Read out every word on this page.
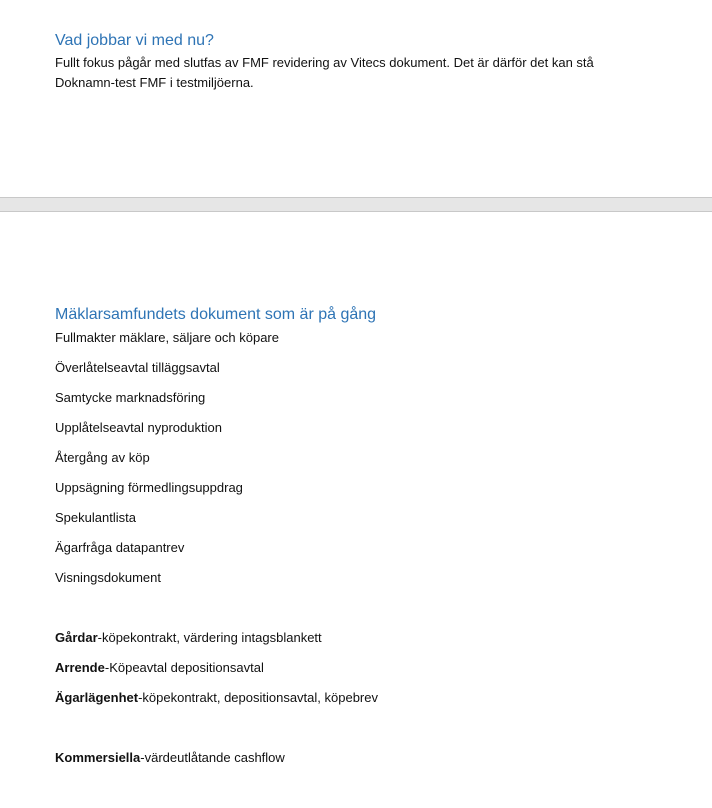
Vad jobbar vi med nu?

Fullt fokus pågår med slutfas av FMF revidering av Vitecs dokument. Det är därför det kan stå
Doknamn-test FMF i testmiljöerna.

Mäklarsamfundets dokument som är på gång
Fullmakter mäklare, säljare och köpare
Överlåtelseavtal tilläggsavtal
Samtycke marknadsföring
Upplåtelseavtal nyproduktion
Återgång av köp
Uppsägning förmedlingsuppdrag
Spekulantlista
Ägarfråga datapantrev
Visningsdokument
Gårdar-köpekontrakt, värdering intagsblankett
Arrende-Köpeavtal depositionsavtal
Ägarlägenhet-köpekontrakt, depositionsavtal, köpebrev
Kommersiella-värdeutlåtande cashflow
